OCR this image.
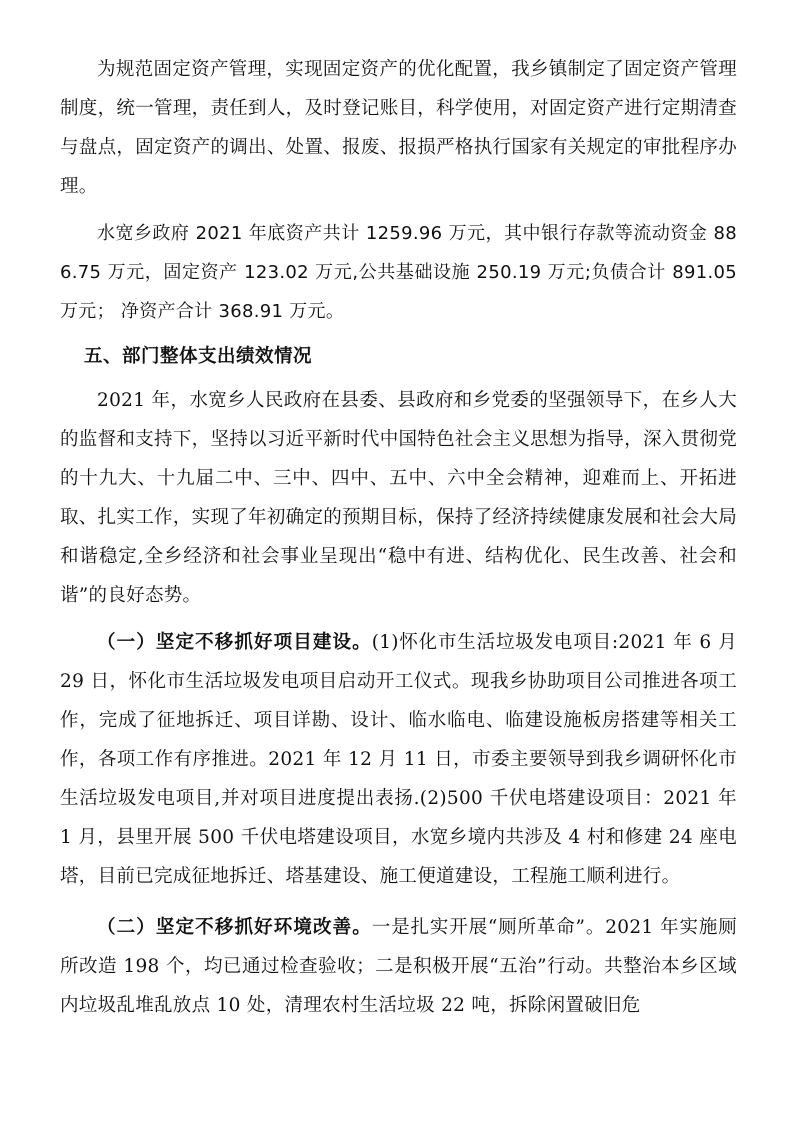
为规范固定资产管理，实现固定资产的优化配置，我乡镇制定了固定资产管理制度，统一管理，责任到人，及时登记账目，科学使用，对固定资产进行定期清查与盘点，固定资产的调出、处置、报废、报损严格执行国家有关规定的审批程序办理。

水宽乡政府 2021 年底资产共计 1259.96 万元，其中银行存款等流动资金 886.75 万元，固定资产 123.02 万元,公共基础设施 250.19 万元;负债合计 891.05 万元； 净资产合计 368.91 万元。

五、部门整体支出绩效情况

2021 年，水宽乡人民政府在县委、县政府和乡党委的坚强领导下，在乡人大的监督和支持下，坚持以习近平新时代中国特色社会主义思想为指导，深入贯彻党的十九大、十九届二中、三中、四中、五中、六中全会精神，迎难而上、开拓进取、扎实工作，实现了年初确定的预期目标，保持了经济持续健康发展和社会大局和谐稳定,全乡经济和社会事业呈现出“稳中有进、结构优化、民生改善、社会和谐”的良好态势。

（一）坚定不移抓好项目建设。(1)怀化市生活垃圾发电项目:2021 年 6 月 29 日，怀化市生活垃圾发电项目启动开工仪式。现我乡协助项目公司推进各项工作，完成了征地拆迁、项目详勘、设计、临水临电、临建设施板房搭建等相关工作，各项工作有序推进。2021 年 12 月 11 日，市委主要领导到我乡调研怀化市生活垃圾发电项目,并对项目进度提出表扬.(2)500 千伏电塔建设项目：2021 年 1 月，县里开展 500 千伏电塔建设项目，水宽乡境内共涉及 4 村和修建 24 座电塔，目前已完成征地拆迁、塔基建设、施工便道建设，工程施工顺利进行。

（二）坚定不移抓好环境改善。一是扎实开展“厕所革命”。2021 年实施厕所改造 198 个，均已通过检查验收；二是积极开展“五治”行动。共整治本乡区域内垃圾乱堆乱放点 10 处，清理农村生活垃圾 22 吨，拆除闲置破旧危
